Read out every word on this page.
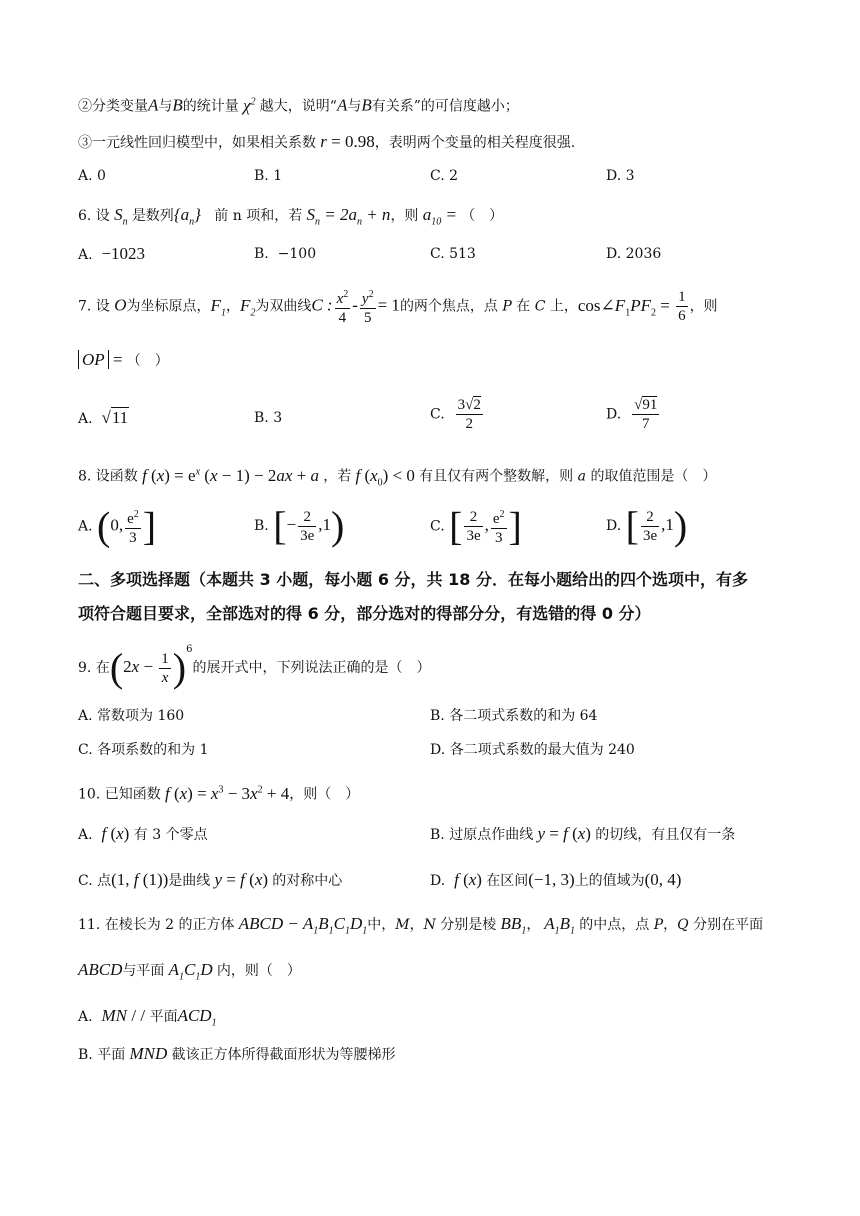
②分类变量A与B的统计量 $\chi^2$ 越大，说明“A与B有关系”的可信度越小；
③一元线性回归模型中，如果相关系数 r = 0.98，表明两个变量的相关程度很强.
A. 0	B. 1	C. 2	D. 3
6. 设 $S_n$ 是数列$\{a_n\}$ 前 n 项和，若 $S_n = 2a_n + n$，则 $a_{10}$ = （　）
A. −1023	B. −100	C. 513	D. 2036
7. 设 O为坐标原点，$F_1$，$F_2$为双曲线C : $\frac{x^2}{4} - \frac{y^2}{5} = 1$的两个焦点，点 P 在 C 上，$\cos\angle F_1PF_2 = \frac{1}{6}$ ，则
OP = （　）
A.  √11	B. 3	C. $\frac{3√2}{2}$	D. $\frac{√91}{7}$
8. 设函数 f $(x) = e^x$ (x − 1) − 2ax + a ，若 f $(x_0) < 0$ 有且仅有两个整数解，则 a 的取值范围是（　）
A. (0, $\frac{e^2}{3}$ ]	B. [− $\frac{2}{3e} ,1$)	C. [ $\frac{2}{3e}$ , $\frac{e^2}{3}$ ]	D. [ $\frac{2}{3e} ,1$)
二、多项选择题（本题共 3 小题，每小题 6 分，共 18 分．在每小题给出的四个选项中，有多
项符合题目要求，全部选对的得 6 分，部分选对的得部分分，有选错的得 0 分）
9. 在$(2x - \frac{1}{x} )^6$的展开式中，下列说法正确的是（　）
A. 常数项为 160	B. 各二项式系数的和为 64
C. 各项系数的和为 1	D. 各二项式系数的最大值为 240
10. 已知函数 f $(x) = x^3 - 3x^2 + 4$，则（　）
A.  f (x) 有 3 个零点	B. 过原点作曲线 y = f (x) 的切线，有且仅有一条
C. 点(1, f (1))是曲线 y = f (x) 的对称中心	D.  f (x) 在区间(−1, 3)上的值域为(0, 4)
11. 在棱长为 2 的正方体 ABCD − $A_1B_1C_1D_1$中，M，N 分别是棱 $BB_1$， $A_1B_1$ 的中点，点 P，Q 分别在平面
ABCD与平面 $A_1C_1D$ 内，则（　）
A. MN / / 平面$ACD_1$
B. 平面 MND 截该正方体所得截面形状为等腰梯形
